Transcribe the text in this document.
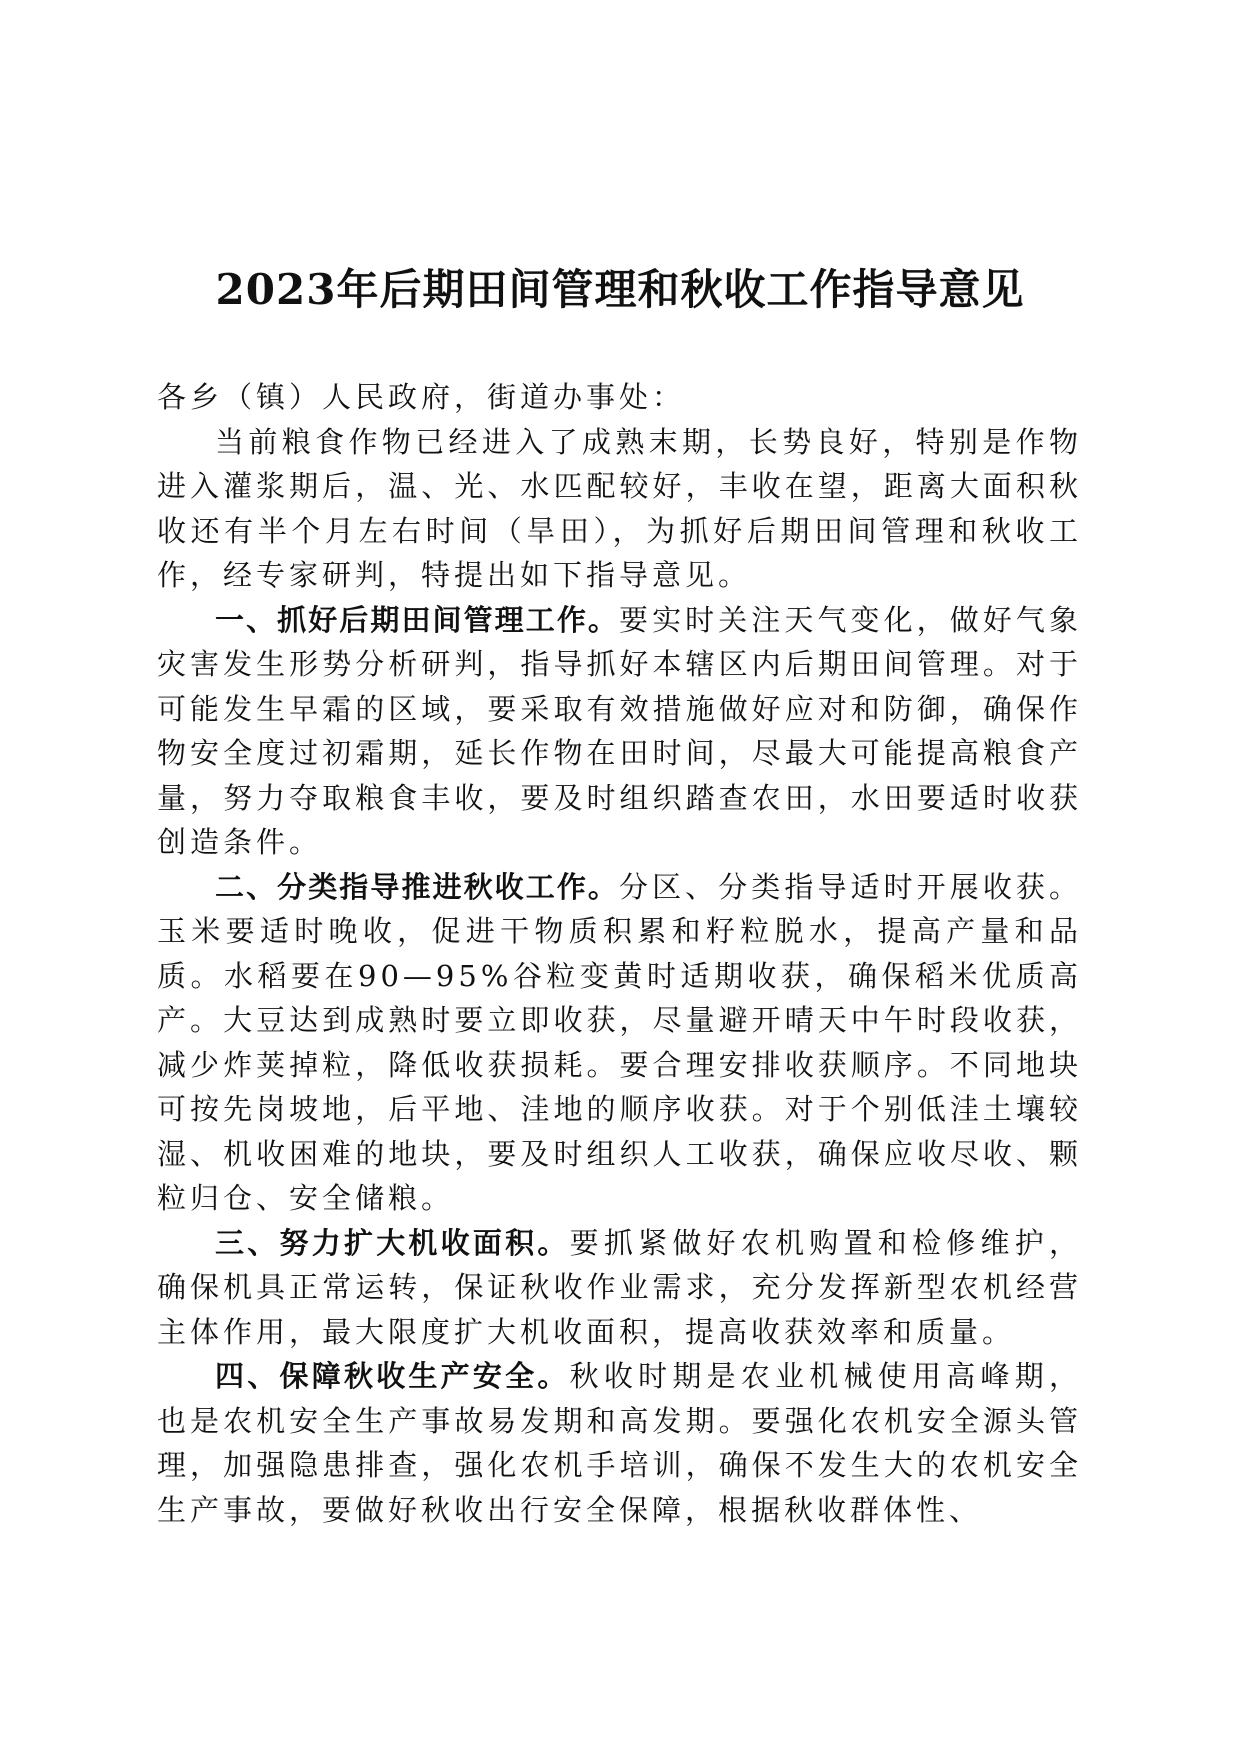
2023年后期田间管理和秋收工作指导意见

各乡（镇）人民政府，街道办事处：

当前粮食作物已经进入了成熟末期，长势良好，特别是作物进入灌浆期后，温、光、水匹配较好，丰收在望，距离大面积秋收还有半个月左右时间（旱田），为抓好后期田间管理和秋收工作，经专家研判，特提出如下指导意见。

一、抓好后期田间管理工作。要实时关注天气变化，做好气象灾害发生形势分析研判，指导抓好本辖区内后期田间管理。对于可能发生早霜的区域，要采取有效措施做好应对和防御，确保作物安全度过初霜期，延长作物在田时间，尽最大可能提高粮食产量，努力夺取粮食丰收，要及时组织踏查农田，水田要适时收获创造条件。

二、分类指导推进秋收工作。分区、分类指导适时开展收获。玉米要适时晚收，促进干物质积累和籽粒脱水，提高产量和品质。水稻要在90—95%谷粒变黄时适期收获，确保稻米优质高产。大豆达到成熟时要立即收获，尽量避开晴天中午时段收获，减少炸荚掉粒，降低收获损耗。要合理安排收获顺序。不同地块可按先岗坡地，后平地、洼地的顺序收获。对于个别低洼土壤较湿、机收困难的地块，要及时组织人工收获，确保应收尽收、颗粒归仓、安全储粮。

三、努力扩大机收面积。要抓紧做好农机购置和检修维护，确保机具正常运转，保证秋收作业需求，充分发挥新型农机经营主体作用，最大限度扩大机收面积，提高收获效率和质量。

四、保障秋收生产安全。秋收时期是农业机械使用高峰期，也是农机安全生产事故易发期和高发期。要强化农机安全源头管理，加强隐患排查，强化农机手培训，确保不发生大的农机安全生产事故，要做好秋收出行安全保障，根据秋收群体性、
